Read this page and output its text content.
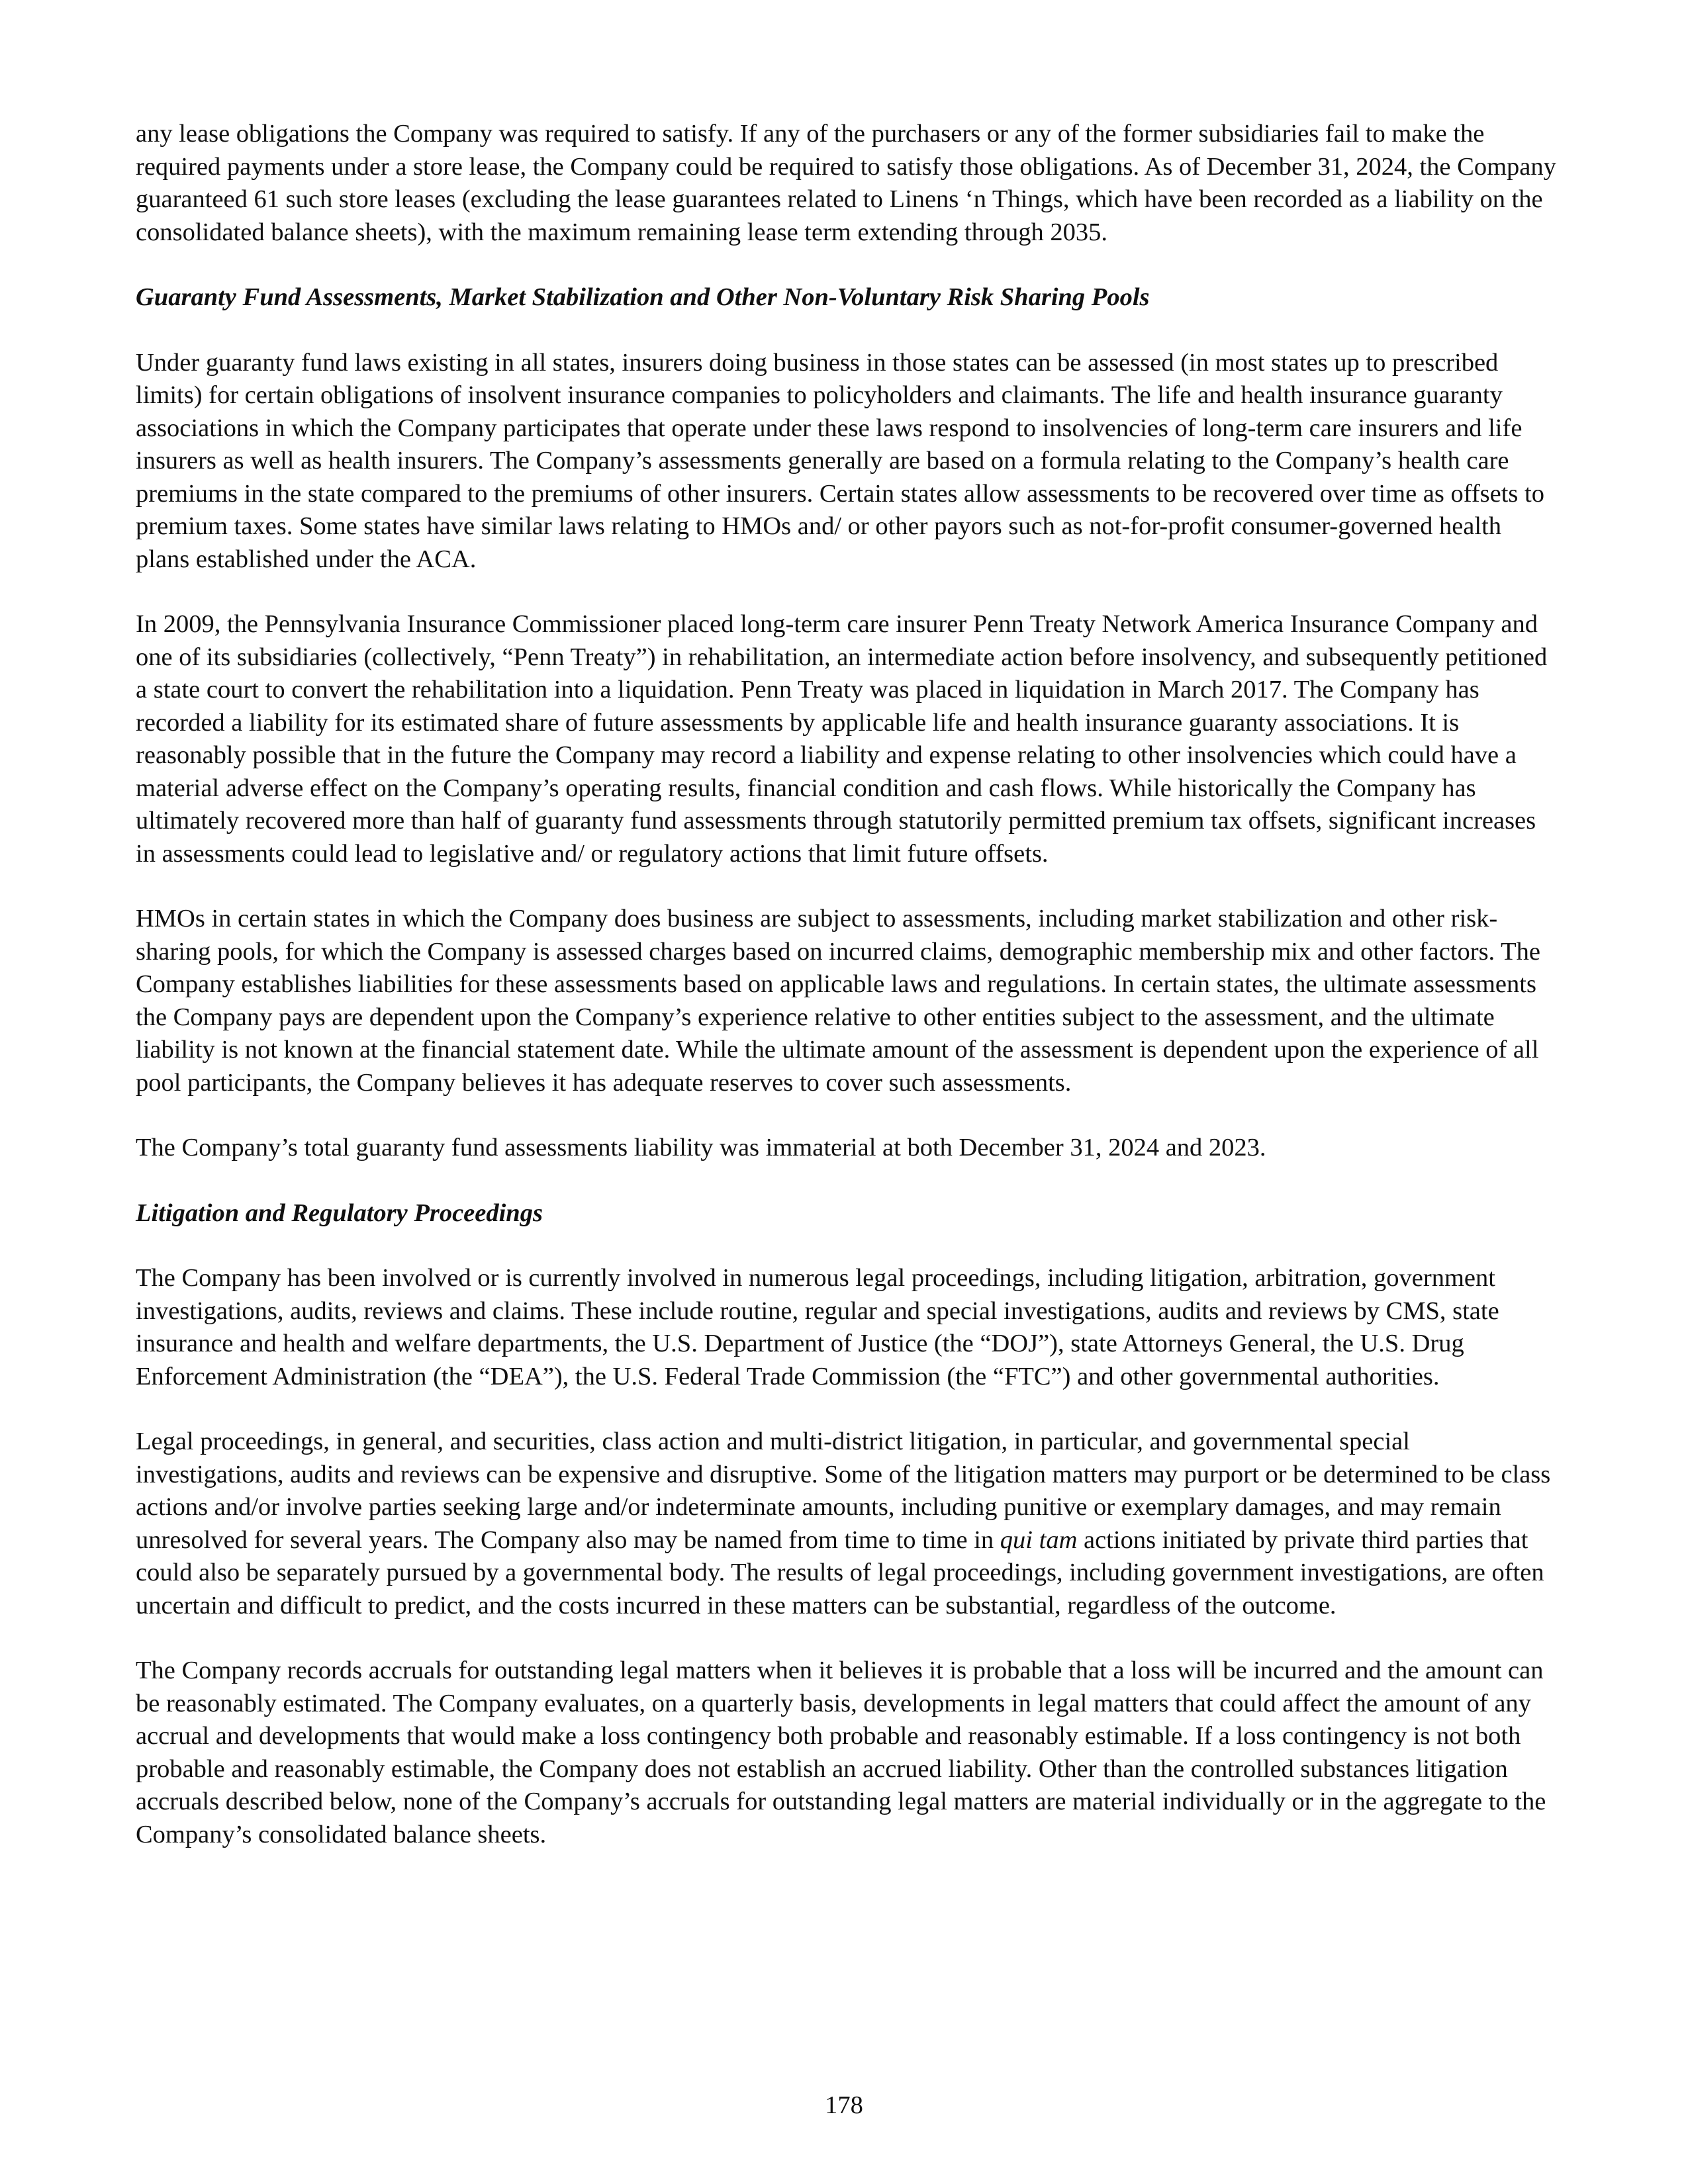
any lease obligations the Company was required to satisfy. If any of the purchasers or any of the former subsidiaries fail to make the required payments under a store lease, the Company could be required to satisfy those obligations. As of December 31, 2024, the Company guaranteed 61 such store leases (excluding the lease guarantees related to Linens ‘n Things, which have been recorded as a liability on the consolidated balance sheets), with the maximum remaining lease term extending through 2035.

Guaranty Fund Assessments, Market Stabilization and Other Non-Voluntary Risk Sharing Pools

Under guaranty fund laws existing in all states, insurers doing business in those states can be assessed (in most states up to prescribed limits) for certain obligations of insolvent insurance companies to policyholders and claimants. The life and health insurance guaranty associations in which the Company participates that operate under these laws respond to insolvencies of long-term care insurers and life insurers as well as health insurers. The Company’s assessments generally are based on a formula relating to the Company’s health care premiums in the state compared to the premiums of other insurers. Certain states allow assessments to be recovered over time as offsets to premium taxes. Some states have similar laws relating to HMOs and/ or other payors such as not-for-profit consumer-governed health plans established under the ACA.

In 2009, the Pennsylvania Insurance Commissioner placed long-term care insurer Penn Treaty Network America Insurance Company and one of its subsidiaries (collectively, “Penn Treaty”) in rehabilitation, an intermediate action before insolvency, and subsequently petitioned a state court to convert the rehabilitation into a liquidation. Penn Treaty was placed in liquidation in March 2017. The Company has recorded a liability for its estimated share of future assessments by applicable life and health insurance guaranty associations. It is reasonably possible that in the future the Company may record a liability and expense relating to other insolvencies which could have a material adverse effect on the Company’s operating results, financial condition and cash flows. While historically the Company has ultimately recovered more than half of guaranty fund assessments through statutorily permitted premium tax offsets, significant increases in assessments could lead to legislative and/ or regulatory actions that limit future offsets.

HMOs in certain states in which the Company does business are subject to assessments, including market stabilization and other risk-sharing pools, for which the Company is assessed charges based on incurred claims, demographic membership mix and other factors. The Company establishes liabilities for these assessments based on applicable laws and regulations. In certain states, the ultimate assessments the Company pays are dependent upon the Company’s experience relative to other entities subject to the assessment, and the ultimate liability is not known at the financial statement date. While the ultimate amount of the assessment is dependent upon the experience of all pool participants, the Company believes it has adequate reserves to cover such assessments.

The Company’s total guaranty fund assessments liability was immaterial at both December 31, 2024 and 2023.

Litigation and Regulatory Proceedings

The Company has been involved or is currently involved in numerous legal proceedings, including litigation, arbitration, government investigations, audits, reviews and claims. These include routine, regular and special investigations, audits and reviews by CMS, state insurance and health and welfare departments, the U.S. Department of Justice (the “DOJ”), state Attorneys General, the U.S. Drug Enforcement Administration (the “DEA”), the U.S. Federal Trade Commission (the “FTC”) and other governmental authorities.

Legal proceedings, in general, and securities, class action and multi-district litigation, in particular, and governmental special investigations, audits and reviews can be expensive and disruptive. Some of the litigation matters may purport or be determined to be class actions and/or involve parties seeking large and/or indeterminate amounts, including punitive or exemplary damages, and may remain unresolved for several years. The Company also may be named from time to time in qui tam actions initiated by private third parties that could also be separately pursued by a governmental body. The results of legal proceedings, including government investigations, are often uncertain and difficult to predict, and the costs incurred in these matters can be substantial, regardless of the outcome.

The Company records accruals for outstanding legal matters when it believes it is probable that a loss will be incurred and the amount can be reasonably estimated. The Company evaluates, on a quarterly basis, developments in legal matters that could affect the amount of any accrual and developments that would make a loss contingency both probable and reasonably estimable. If a loss contingency is not both probable and reasonably estimable, the Company does not establish an accrued liability. Other than the controlled substances litigation accruals described below, none of the Company’s accruals for outstanding legal matters are material individually or in the aggregate to the Company’s consolidated balance sheets.

178
